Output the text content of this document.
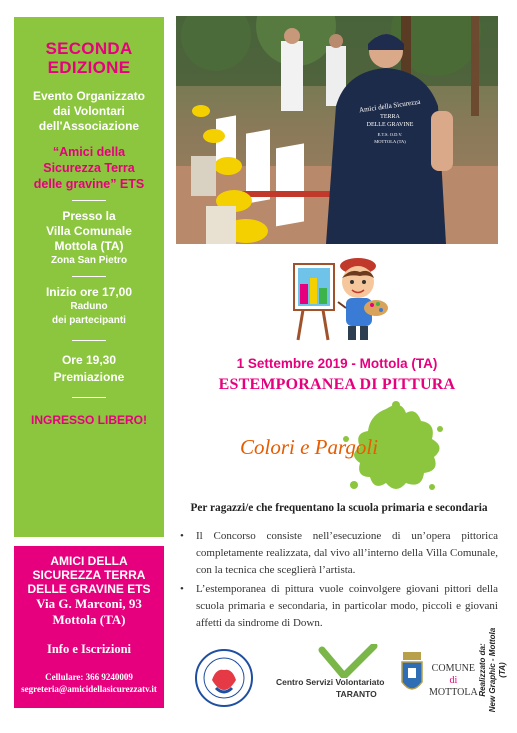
SECONDA
EDIZIONE
Evento Organizzato
dai Volontari
dell'Associazione
“Amici della
Sicurezza Terra
delle gravine” ETS
Presso la
Villa Comunale
Mottola (TA)
Zona San Pietro
Inizio ore 17,00
Raduno
dei partecipanti
Ore 19,30
Premiazione
INGRESSO LIBERO!
AMICI DELLA
SICUREZZA TERRA
DELLE GRAVINE ETS
Via G. Marconi, 93
Mottola (TA)
Info e Iscrizioni
Cellulare: 366 9240009
segreteria@amicidellasicurezzatv.it
Amici della Sicurezza
TERRA
DELLE GRAVINE
E.T.S. O.D.V.
MOTTOLA (TA)
1 Settembre 2019 - Mottola (TA)
ESTEMPORANEA DI PITTURA
Colori e Pargoli
Per ragazzi/e che frequentano la scuola primaria e secondaria
• Il Concorso consiste nell’esecuzione di un’opera pittorica completamente realizzata, dal vivo all’interno della Villa Comunale, con la tecnica che sceglierà l’artista.
• L’estemporanea di pittura vuole coinvolgere giovani pittori della scuola primaria e secondaria, in particolar modo, piccoli e giovani affetti da sindrome di Down.
Centro Servizi Volontariato
TARANTO
COMUNE
di
MOTTOLA Realizzato da: New Graphic - Mottola (TA)
